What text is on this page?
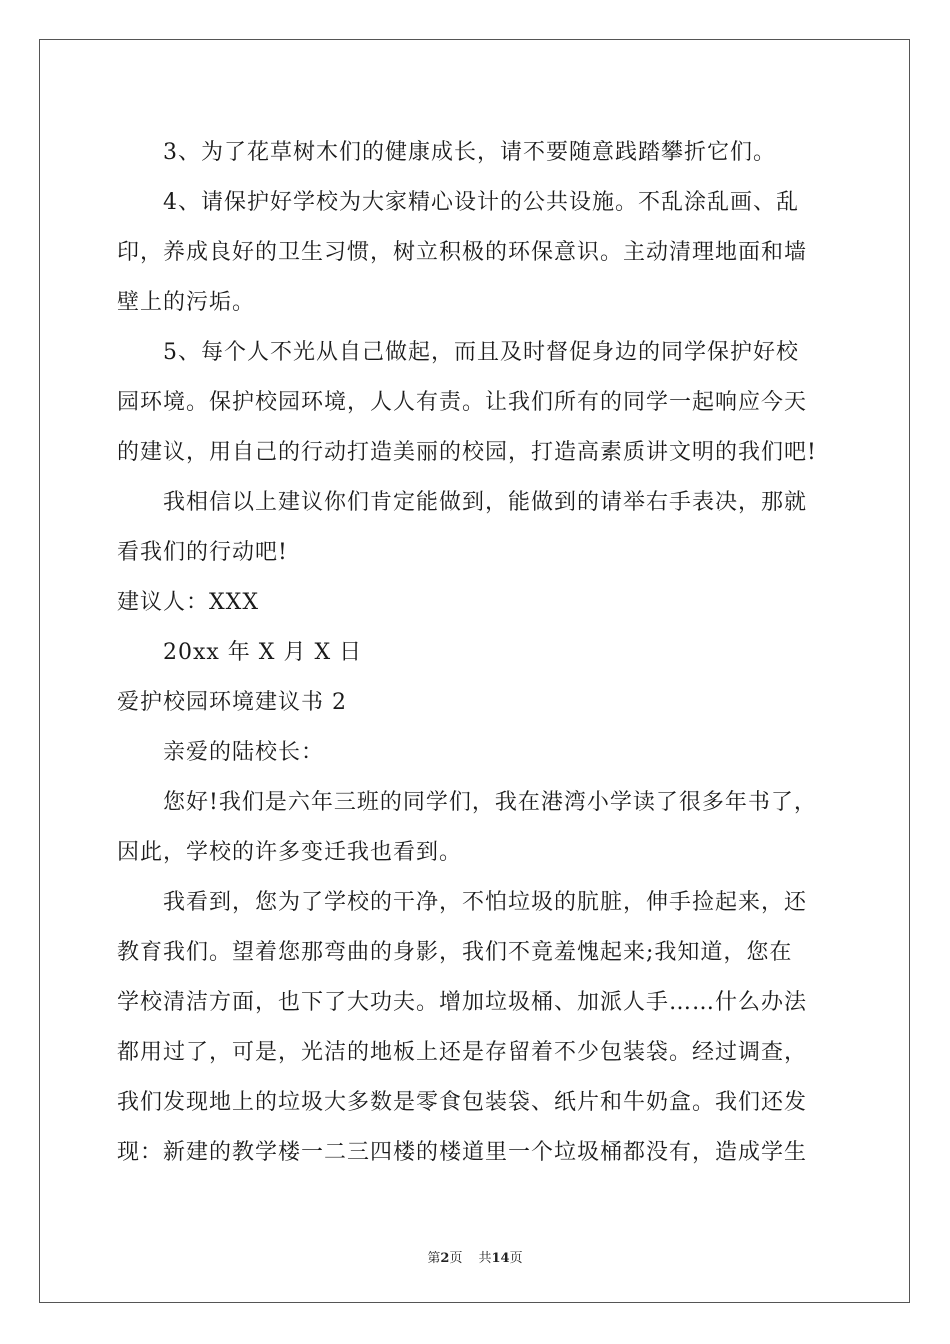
3、为了花草树木们的健康成长，请不要随意践踏攀折它们。
4、请保护好学校为大家精心设计的公共设施。不乱涂乱画、乱
印，养成良好的卫生习惯，树立积极的环保意识。主动清理地面和墙
壁上的污垢。
5、每个人不光从自己做起，而且及时督促身边的同学保护好校
园环境。保护校园环境，人人有责。让我们所有的同学一起响应今天
的建议，用自己的行动打造美丽的校园，打造高素质讲文明的我们吧!
我相信以上建议你们肯定能做到，能做到的请举右手表决，那就
看我们的行动吧!
建议人：XXX
20xx 年 X 月 X 日
爱护校园环境建议书 2
亲爱的陆校长：
您好!我们是六年三班的同学们，我在港湾小学读了很多年书了，
因此，学校的许多变迁我也看到。
我看到，您为了学校的干净，不怕垃圾的肮脏，伸手捡起来，还
教育我们。望着您那弯曲的身影，我们不竟羞愧起来;我知道，您在
学校清洁方面，也下了大功夫。增加垃圾桶、加派人手……什么办法
都用过了，可是，光洁的地板上还是存留着不少包装袋。经过调查，
我们发现地上的垃圾大多数是零食包装袋、纸片和牛奶盒。我们还发
现：新建的教学楼一二三四楼的楼道里一个垃圾桶都没有，造成学生
第2页 共14页
